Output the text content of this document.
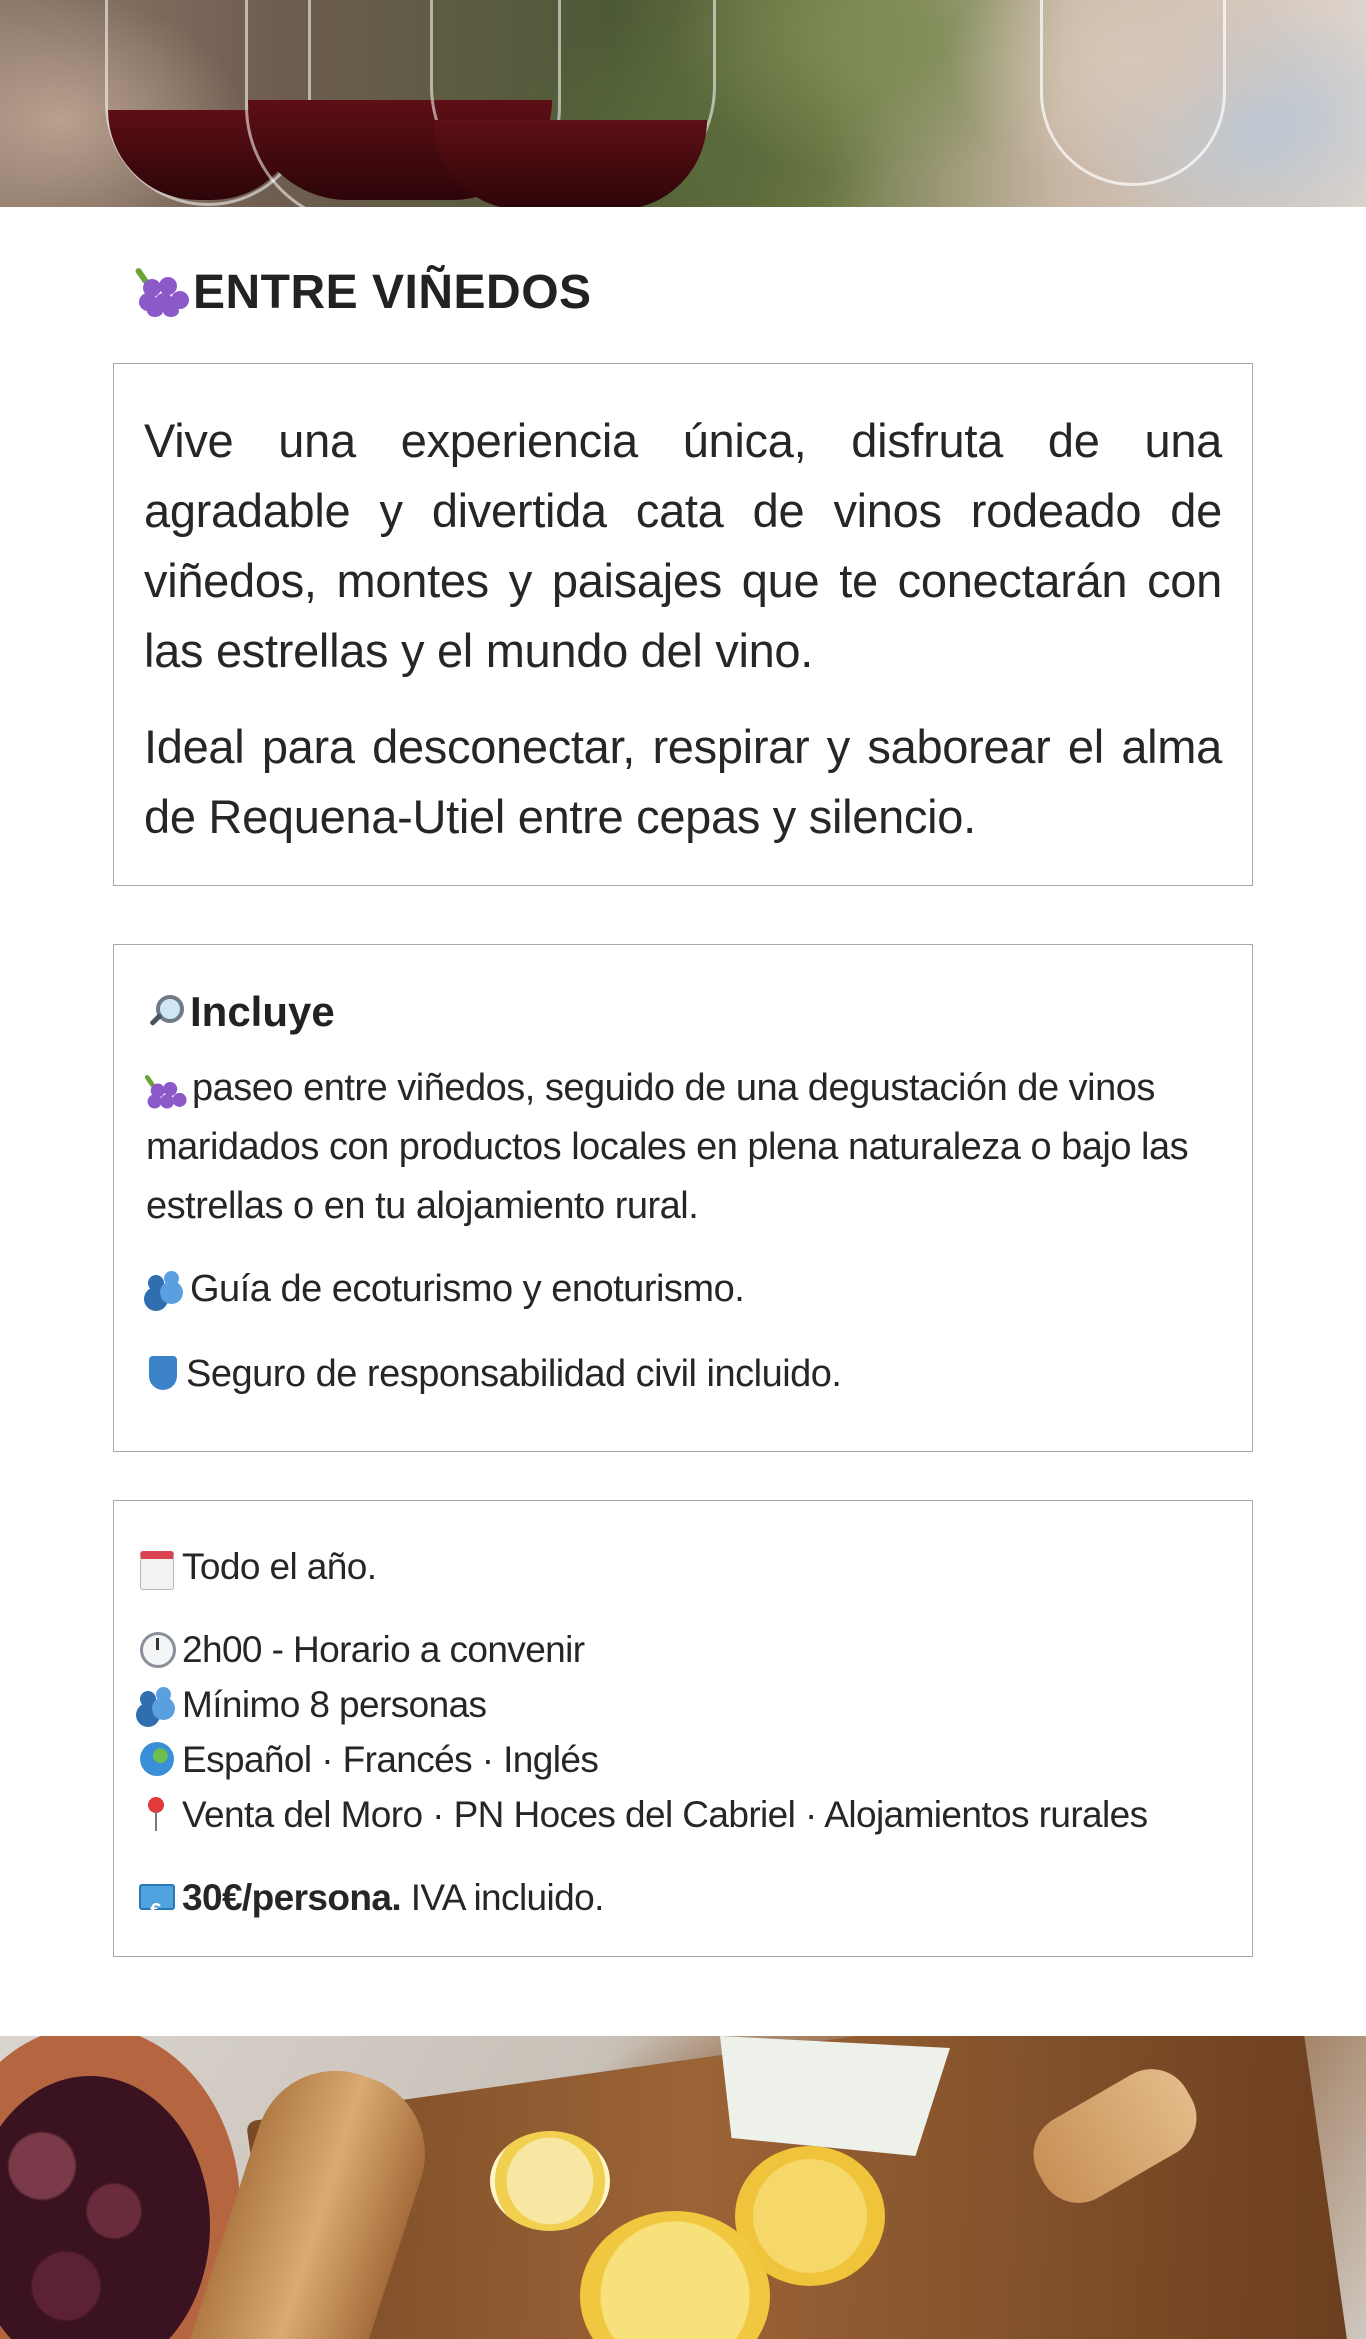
ENTRE VIÑEDOS

Vive una experiencia única, disfruta de una agradable y divertida cata de vinos rodeado de viñedos, montes y paisajes que te conectarán con las estrellas y el mundo del vino.

Ideal para desconectar, respirar y saborear el alma de Requena-Utiel entre cepas y silencio.

Incluye
paseo entre viñedos, seguido de una degustación de vinos maridados con productos locales en plena naturaleza o bajo las estrellas o en tu alojamiento rural.
Guía de ecoturismo y enoturismo.
Seguro de responsabilidad civil incluido.
Todo el año.
2h00 - Horario a convenir
Mínimo 8 personas
Español · Francés · Inglés
Venta del Moro · PN Hoces del Cabriel · Alojamientos rurales
€30€/persona. IVA incluido.
